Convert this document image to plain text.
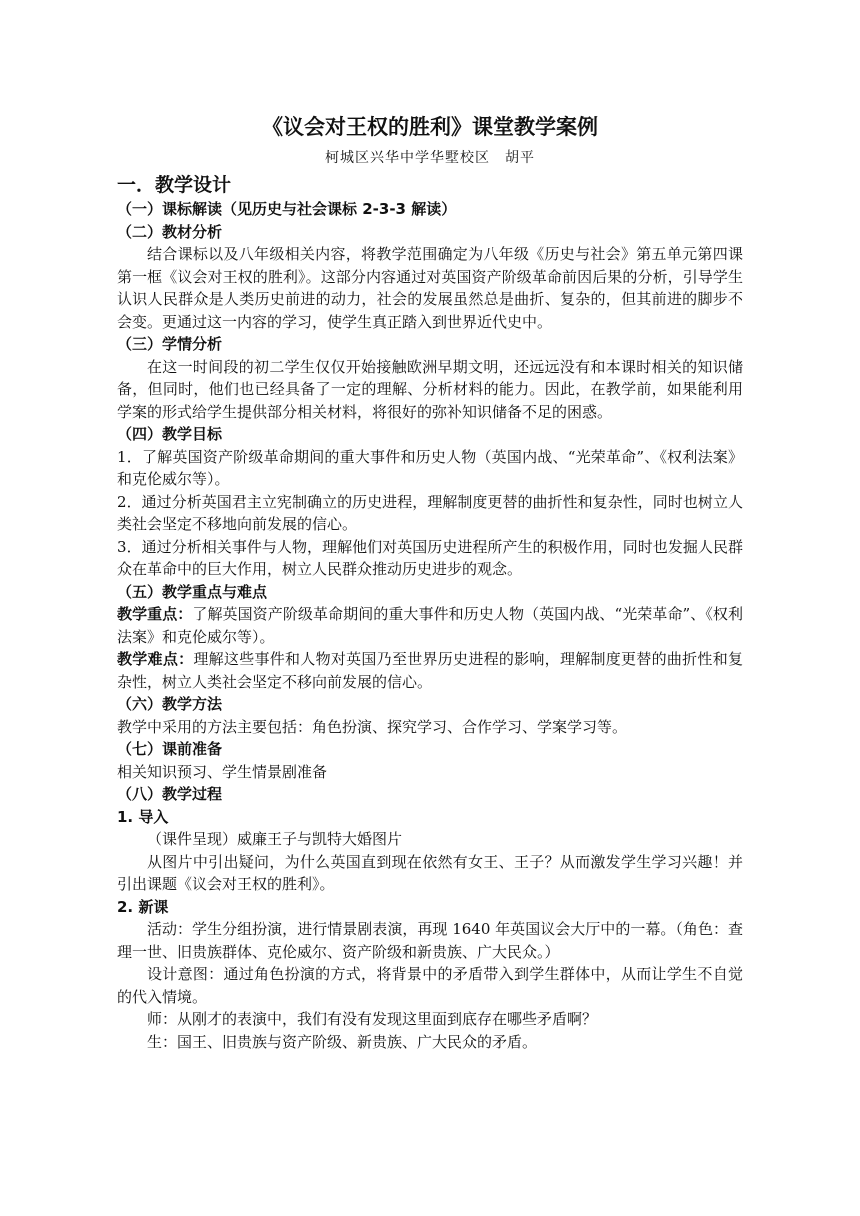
《议会对王权的胜利》课堂教学案例
柯城区兴华中学华墅校区　胡平
一．教学设计
（一）课标解读（见历史与社会课标 2-3-3 解读）
（二）教材分析

结合课标以及八年级相关内容，将教学范围确定为八年级《历史与社会》第五单元第四课第一框《议会对王权的胜利》。这部分内容通过对英国资产阶级革命前因后果的分析，引导学生认识人民群众是人类历史前进的动力，社会的发展虽然总是曲折、复杂的，但其前进的脚步不会变。更通过这一内容的学习，使学生真正踏入到世界近代史中。

（三）学情分析

在这一时间段的初二学生仅仅开始接触欧洲早期文明，还远远没有和本课时相关的知识储备，但同时，他们也已经具备了一定的理解、分析材料的能力。因此，在教学前，如果能利用学案的形式给学生提供部分相关材料，将很好的弥补知识储备不足的困惑。

（四）教学目标

1．了解英国资产阶级革命期间的重大事件和历史人物（英国内战、“光荣革命”、《权利法案》和克伦威尔等）。

2．通过分析英国君主立宪制确立的历史进程，理解制度更替的曲折性和复杂性，同时也树立人类社会坚定不移地向前发展的信心。

3．通过分析相关事件与人物，理解他们对英国历史进程所产生的积极作用，同时也发掘人民群众在革命中的巨大作用，树立人民群众推动历史进步的观念。

（五）教学重点与难点

教学重点：了解英国资产阶级革命期间的重大事件和历史人物（英国内战、“光荣革命”、《权利法案》和克伦威尔等）。

教学难点：理解这些事件和人物对英国乃至世界历史进程的影响，理解制度更替的曲折性和复杂性，树立人类社会坚定不移向前发展的信心。

（六）教学方法

教学中采用的方法主要包括：角色扮演、探究学习、合作学习、学案学习等。

（七）课前准备

相关知识预习、学生情景剧准备

（八）教学过程
1. 导入

（课件呈现）威廉王子与凯特大婚图片

从图片中引出疑问，为什么英国直到现在依然有女王、王子？从而激发学生学习兴趣！并引出课题《议会对王权的胜利》。

2. 新课

活动：学生分组扮演，进行情景剧表演，再现 1640 年英国议会大厅中的一幕。（角色：查理一世、旧贵族群体、克伦威尔、资产阶级和新贵族、广大民众。）

设计意图：通过角色扮演的方式，将背景中的矛盾带入到学生群体中，从而让学生不自觉的代入情境。

师：从刚才的表演中，我们有没有发现这里面到底存在哪些矛盾啊？

生：国王、旧贵族与资产阶级、新贵族、广大民众的矛盾。
